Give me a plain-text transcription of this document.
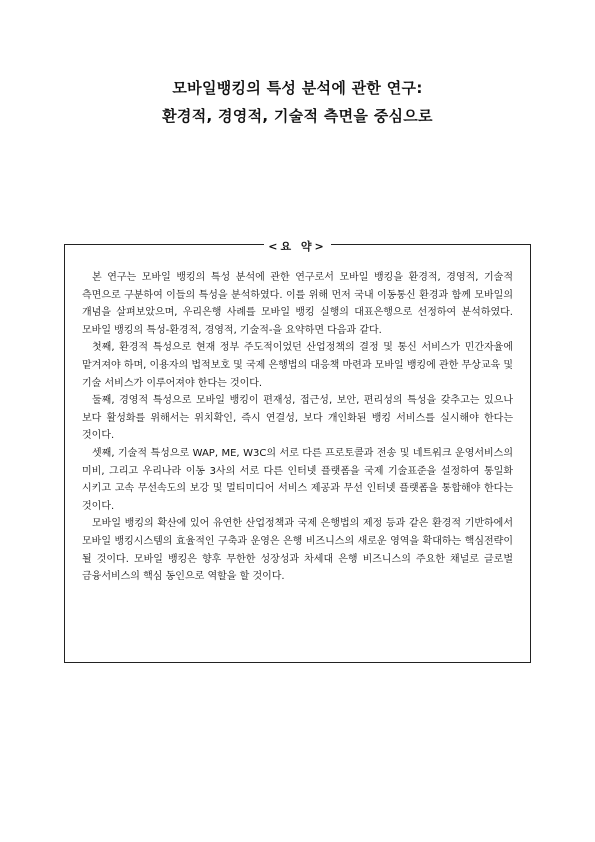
모바일뱅킹의 특성 분석에 관한 연구:
환경적, 경영적, 기술적 측면을 중심으로
<요 약>

본 연구는 모바일 뱅킹의 특성 분석에 관한 연구로서 모바일 뱅킹을 환경적, 경영적, 기술적 측면으로 구분하여 이들의 특성을 분석하였다. 이를 위해 먼저 국내 이동통신 환경과 함께 모바일의 개념을 살펴보았으며, 우리은행 사례를 모바일 뱅킹 실행의 대표은행으로 선정하여 분석하였다. 모바일 뱅킹의 특성-환경적, 경영적, 기술적-을 요약하면 다음과 같다.

첫째, 환경적 특성으로 현재 정부 주도적이었던 산업정책의 결정 및 통신 서비스가 민간자율에 맡겨져야 하며, 이용자의 법적보호 및 국제 은행법의 대응책 마련과 모바일 뱅킹에 관한 무상교육 및 기술 서비스가 이루어져야 한다는 것이다.

둘째, 경영적 특성으로 모바일 뱅킹이 편재성, 접근성, 보안, 편리성의 특성을 갖추고는 있으나 보다 활성화를 위해서는 위치확인, 즉시 연결성, 보다 개인화된 뱅킹 서비스를 실시해야 한다는 것이다.

셋째, 기술적 특성으로 WAP, ME, W3C의 서로 다른 프로토콜과 전송 및 네트워크 운영서비스의 미비, 그리고 우리나라 이동 3사의 서로 다른 인터넷 플랫폼을 국제 기술표준을 설정하여 통일화 시키고 고속 무선속도의 보강 및 멀티미디어 서비스 제공과 무선 인터넷 플랫폼을 통합해야 한다는 것이다.

모바일 뱅킹의 확산에 있어 유연한 산업정책과 국제 은행법의 제정 등과 같은 환경적 기반하에서 모바일 뱅킹시스템의 효율적인 구축과 운영은 은행 비즈니스의 새로운 영역을 확대하는 핵심전략이 될 것이다. 모바일 뱅킹은 향후 무한한 성장성과 차세대 은행 비즈니스의 주요한 채널로 글로벌 금융서비스의 핵심 동인으로 역할을 할 것이다.
